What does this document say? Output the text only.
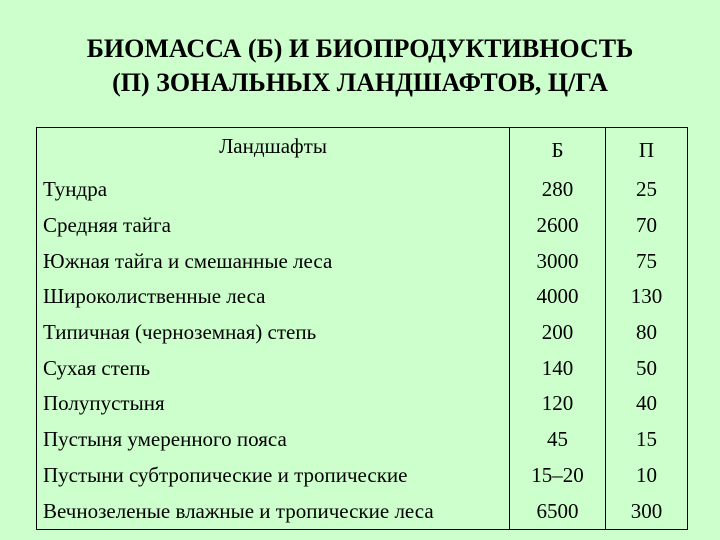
БИОМАССА (Б) И БИОПРОДУКТИВНОСТЬ
(П) ЗОНАЛЬНЫХ ЛАНДШАФТОВ, Ц/ГА
Ландшафты	Б	П
Тундра	280	25
Средняя тайга	2600	70
Южная тайга и смешанные леса	3000	75
Широколиственные леса	4000	130
Типичная (черноземная) степь	200	80
Сухая степь	140	50
Полупустыня	120	40
Пустыня умеренного пояса	45	15
Пустыни субтропические и тропические	15–20	10
Вечнозеленые влажные и тропические леса	6500	300
